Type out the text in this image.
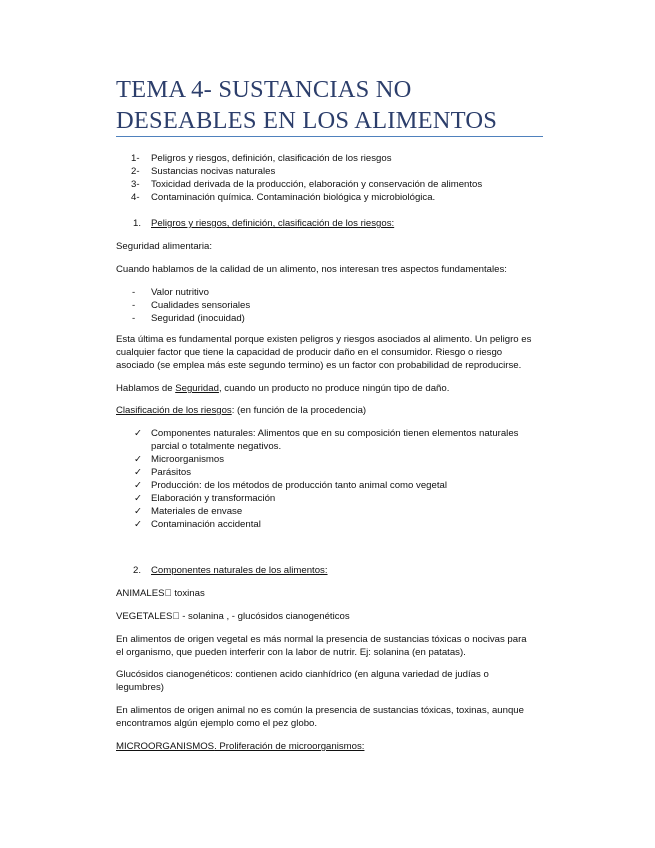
TEMA 4- SUSTANCIAS NO
DESEABLES EN LOS ALIMENTOS
1- Peligros y riesgos, definición, clasificación de los riesgos
2- Sustancias nocivas naturales
3- Toxicidad derivada de la producción, elaboración y conservación de alimentos
4- Contaminación química. Contaminación biológica y microbiológica.
1. Peligros y riesgos, definición, clasificación de los riesgos:
Seguridad alimentaria:
Cuando hablamos de la calidad de un alimento, nos interesan tres aspectos fundamentales:
- Valor nutritivo
- Cualidades sensoriales
- Seguridad (inocuidad)
Esta última es fundamental porque existen peligros y riesgos asociados al alimento. Un peligro es
cualquier factor que tiene la capacidad de producir daño en el consumidor. Riesgo o riesgo
asociado (se emplea más este segundo termino) es un factor con probabilidad de reproducirse.
Hablamos de Seguridad, cuando un producto no produce ningún tipo de daño.
Clasificación de los riesgos: (en función de la procedencia)
✓ Componentes naturales: Alimentos que en su composición tienen elementos naturales
parcial o totalmente negativos.
✓ Microorganismos
✓ Parásitos
✓ Producción: de los métodos de producción tanto animal como vegetal
✓ Elaboración y transformación
✓ Materiales de envase
✓ Contaminación accidental
2. Componentes naturales de los alimentos:
ANIMALES  toxinas
VEGETALES  - solanina , - glucósidos cianogenéticos
En alimentos de origen vegetal es más normal la presencia de sustancias tóxicas o nocivas para
el organismo, que pueden interferir con la labor de nutrir. Ej: solanina (en patatas).
Glucósidos cianogenéticos: contienen acido cianhídrico (en alguna variedad de judías o
legumbres)
En alimentos de origen animal no es común la presencia de sustancias tóxicas, toxinas, aunque
encontramos algún ejemplo como el pez globo.
MICROORGANISMOS. Proliferación de microorganismos:
